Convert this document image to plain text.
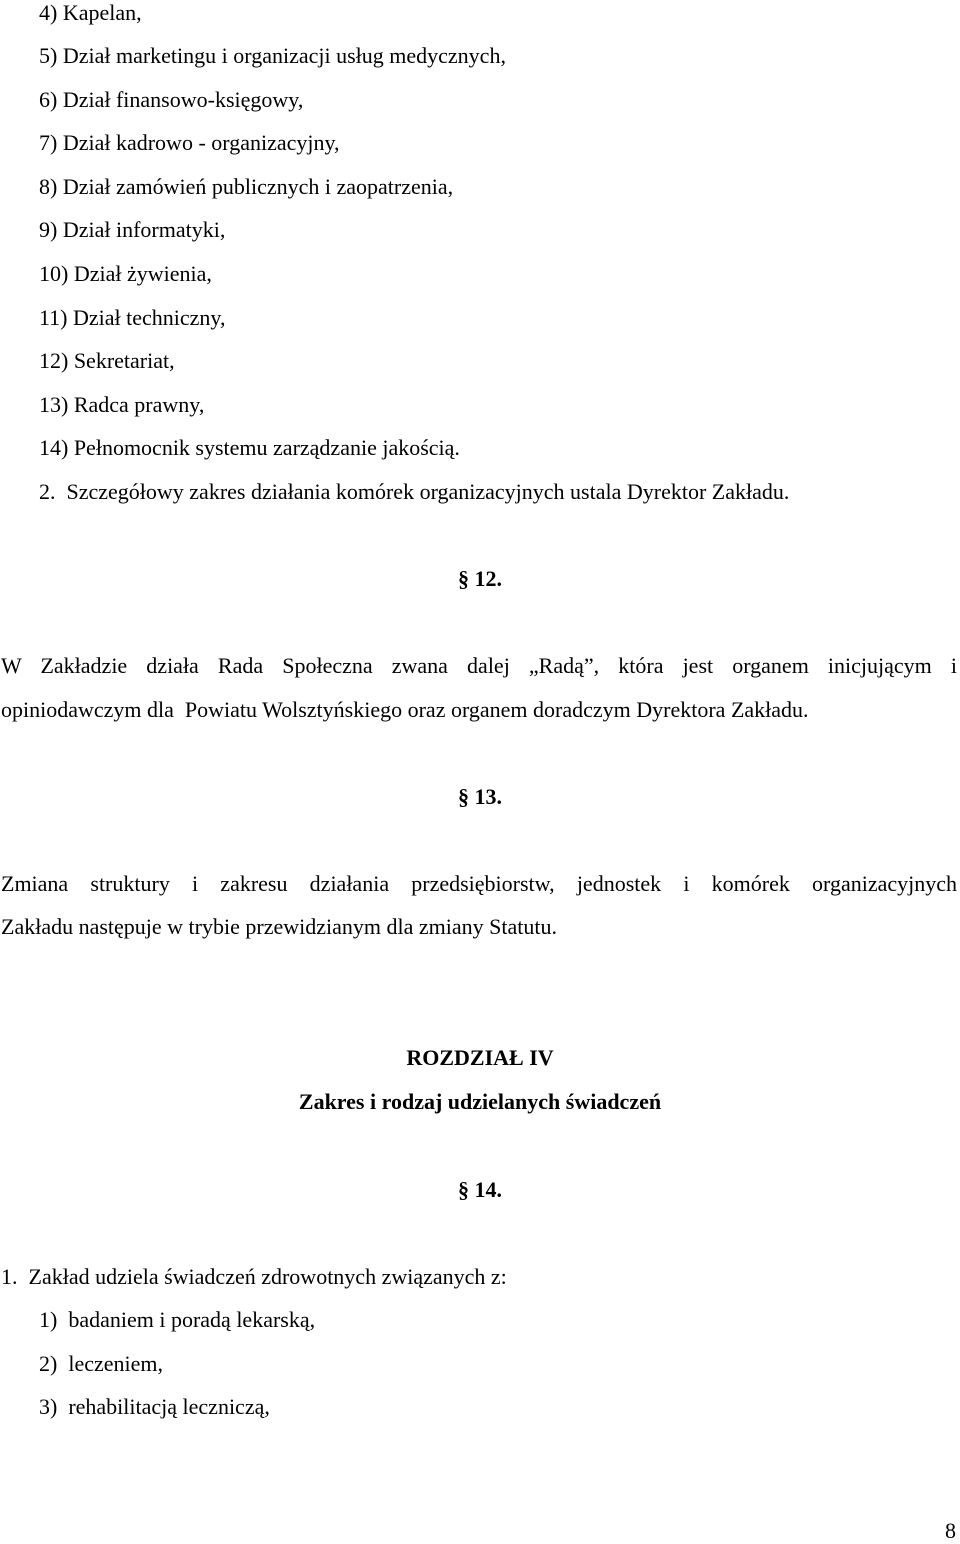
4) Kapelan,
5) Dział marketingu i organizacji usług medycznych,
6) Dział finansowo-księgowy,
7) Dział kadrowo - organizacyjny,
8) Dział zamówień publicznych i zaopatrzenia,
9) Dział informatyki,
10) Dział żywienia,
11) Dział techniczny,
12) Sekretariat,
13) Radca prawny,
14) Pełnomocnik systemu zarządzanie jakością.
2.  Szczegółowy zakres działania komórek organizacyjnych ustala Dyrektor Zakładu.
§ 12.
W Zakładzie działa Rada Społeczna zwana dalej „Radą”, która jest organem inicjującym i
opiniodawczym dla  Powiatu Wolsztyńskiego oraz organem doradczym Dyrektora Zakładu.
§ 13.
Zmiana struktury i zakresu działania przedsiębiorstw, jednostek i komórek organizacyjnych
Zakładu następuje w trybie przewidzianym dla zmiany Statutu.
ROZDZIAŁ IV
Zakres i rodzaj udzielanych świadczeń
§ 14.
1.  Zakład udziela świadczeń zdrowotnych związanych z:
1)  badaniem i poradą lekarską,
2)  leczeniem,
3)  rehabilitacją leczniczą,
8
